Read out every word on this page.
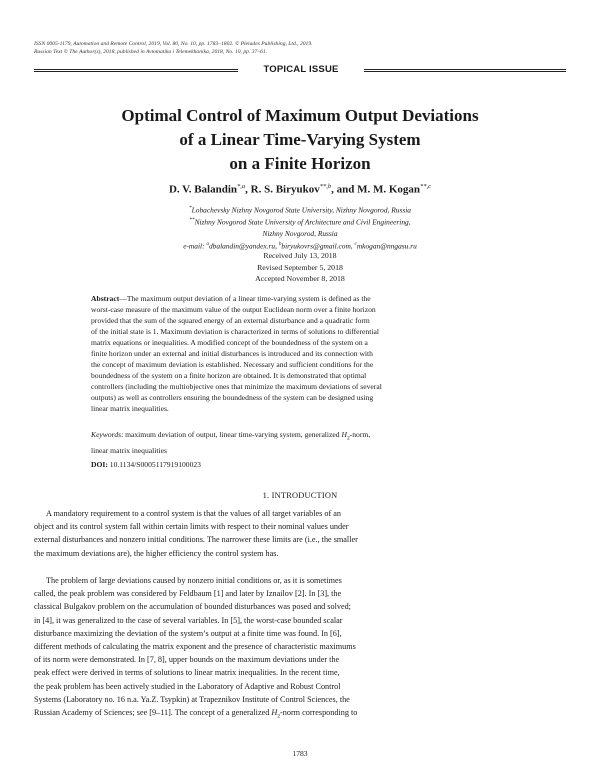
ISSN 0005-1179, Automation and Remote Control, 2019, Vol. 80, No. 10, pp. 1783–1802. © Pleiades Publishing, Ltd., 2019.
Russian Text © The Author(s), 2018, published in Avtomatika i Telemekhanika, 2018, No. 10, pp. 37–61.
TOPICAL ISSUE
Optimal Control of Maximum Output Deviations
of a Linear Time-Varying System
on a Finite Horizon
D. V. Balandin$^{*,a}$, R. S. Biryukov$^{**,b}$, and M. M. Kogan$^{**,c}$
*Lobachevsky Nizhny Novgorod State University, Nizhny Novgorod, Russia
**Nizhny Novgorod State University of Architecture and Civil Engineering,
Nizhny Novgorod, Russia
e-mail: $^a$dbalandin@yandex.ru, $^b$biryukovrs@gmail.com, $^c$mkogan@nngasu.ru
Received July 13, 2018
Revised September 5, 2018
Accepted November 8, 2018
Abstract—The maximum output deviation of a linear time-varying system is defined as the
worst-case measure of the maximum value of the output Euclidean norm over a finite horizon
provided that the sum of the squared energy of an external disturbance and a quadratic form
of the initial state is 1. Maximum deviation is characterized in terms of solutions to differential
matrix equations or inequalities. A modified concept of the boundedness of the system on a
finite horizon under an external and initial disturbances is introduced and its connection with
the concept of maximum deviation is established. Necessary and sufficient conditions for the
boundedness of the system on a finite horizon are obtained. It is demonstrated that optimal
controllers (including the multiobjective ones that minimize the maximum deviations of several
outputs) as well as controllers ensuring the boundedness of the system can be designed using
linear matrix inequalities.
Keywords: maximum deviation of output, linear time-varying system, generalized $H_2$-norm,
linear matrix inequalities
DOI: 10.1134/S0005117919100023
1. INTRODUCTION
A mandatory requirement to a control system is that the values of all target variables of an
object and its control system fall within certain limits with respect to their nominal values under
external disturbances and nonzero initial conditions. The narrower these limits are (i.e., the smaller
the maximum deviations are), the higher efficiency the control system has.
The problem of large deviations caused by nonzero initial conditions or, as it is sometimes
called, the peak problem was considered by Feldbaum [1] and later by Iznailov [2]. In [3], the
classical Bulgakov problem on the accumulation of bounded disturbances was posed and solved;
in [4], it was generalized to the case of several variables. In [5], the worst-case bounded scalar
disturbance maximizing the deviation of the system’s output at a finite time was found. In [6],
different methods of calculating the matrix exponent and the presence of characteristic maximums
of its norm were demonstrated. In [7, 8], upper bounds on the maximum deviations under the
peak effect were derived in terms of solutions to linear matrix inequalities. In the recent time,
the peak problem has been actively studied in the Laboratory of Adaptive and Robust Control
Systems (Laboratory no. 16 n.a. Ya.Z. Tsypkin) at Trapeznikov Institute of Control Sciences, the
Russian Academy of Sciences; see [9–11]. The concept of a generalized $H_2$-norm corresponding to
1783
